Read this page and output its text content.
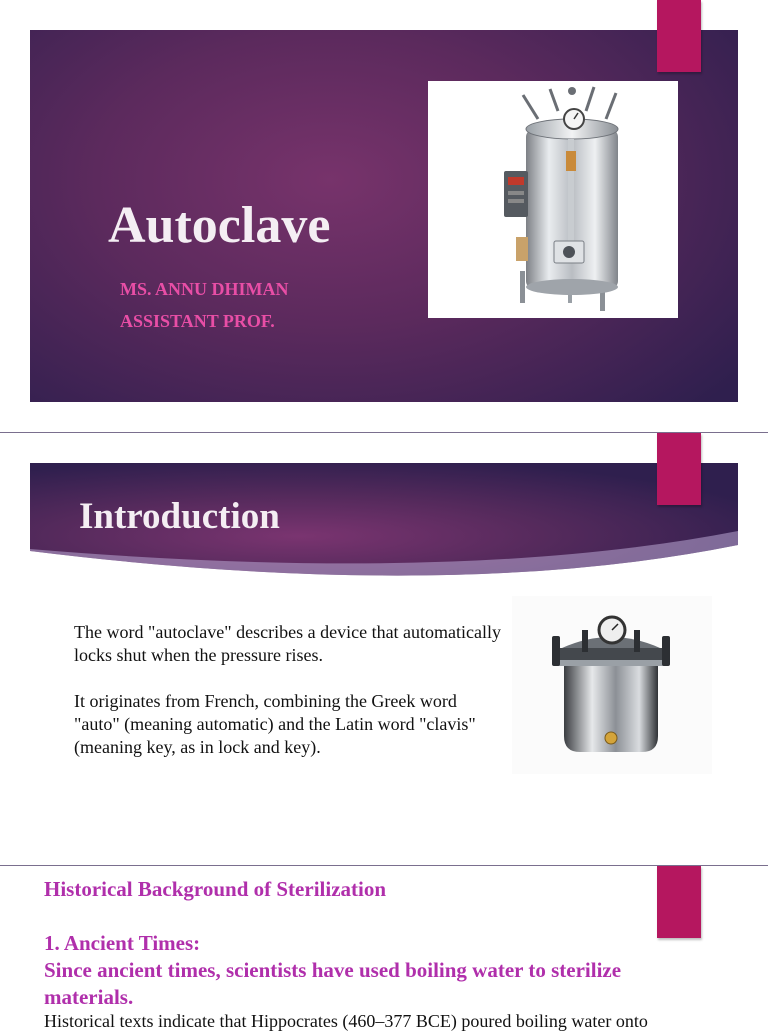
Autoclave
MS. ANNU DHIMAN
ASSISTANT PROF.
Introduction

The word "autoclave" describes a device that automatically locks shut when the pressure rises.

It originates from French, combining the Greek word "auto" (meaning automatic) and the Latin word "clavis" (meaning key, as in lock and key).

Historical Background of Sterilization
1. Ancient Times:
Since ancient times, scientists have used boiling water to sterilize materials.
Historical texts indicate that Hippocrates (460–377 BCE) poured boiling water onto
